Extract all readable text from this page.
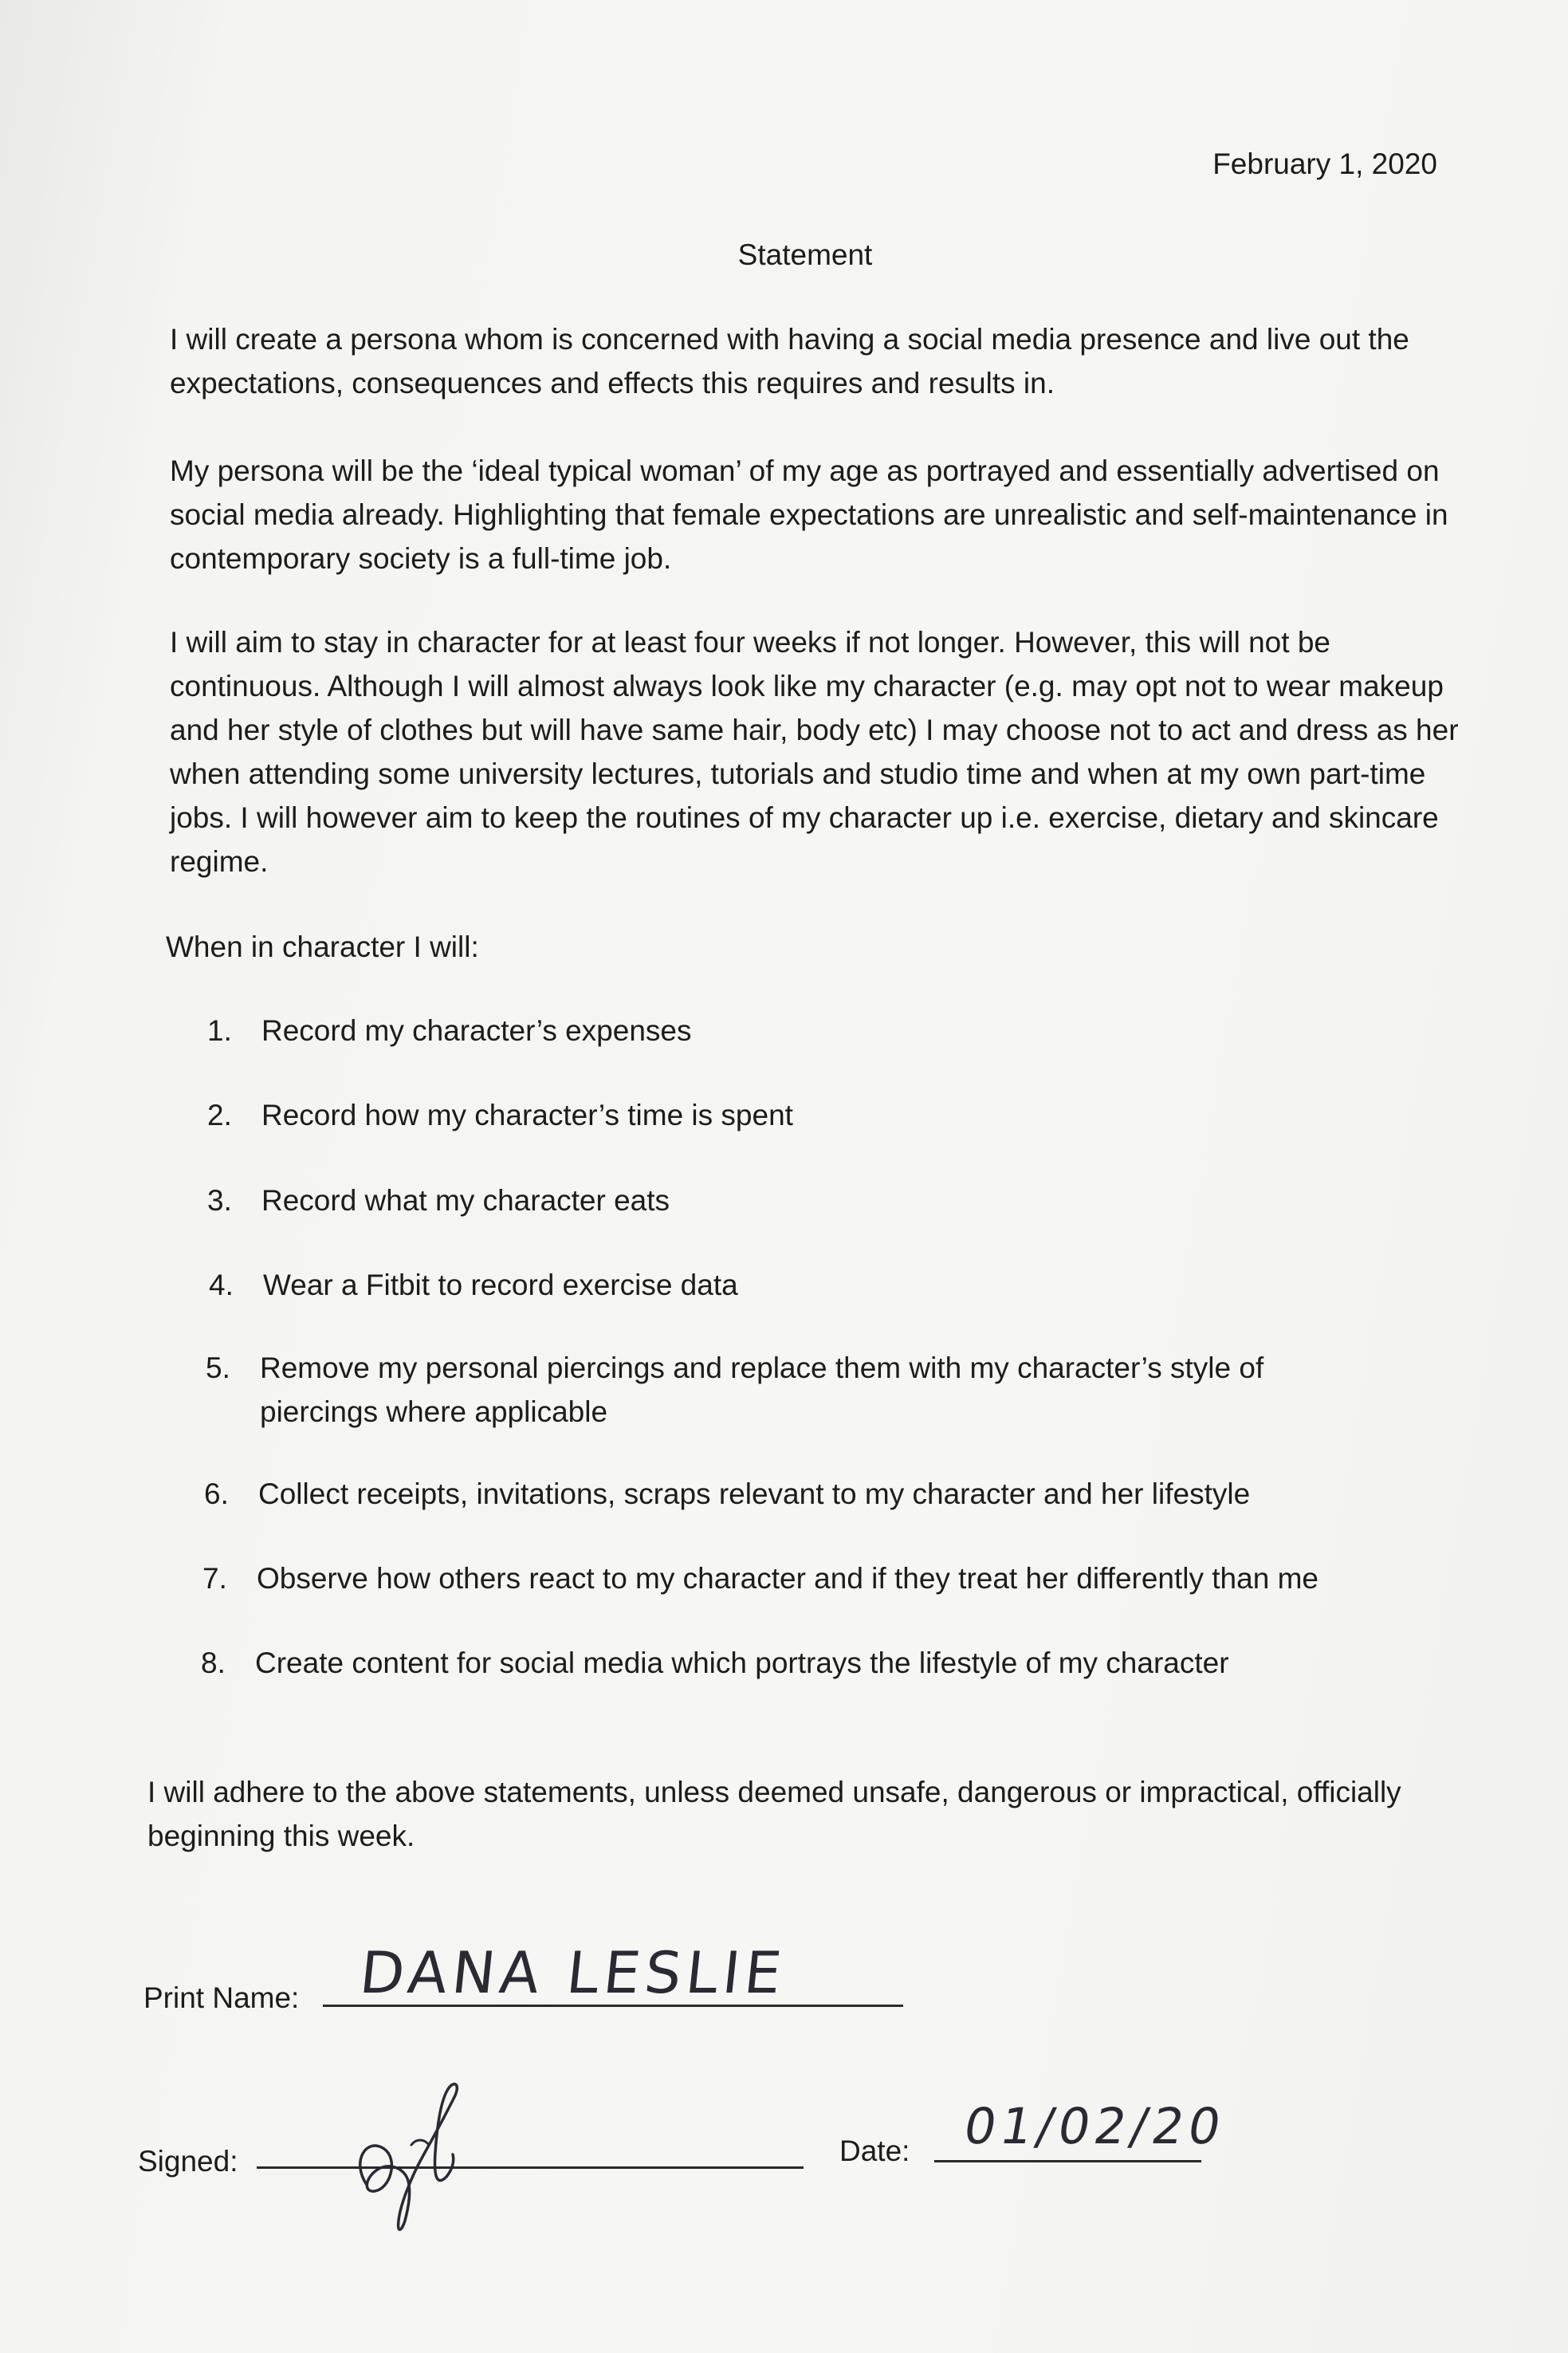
February 1, 2020

Statement

I will create a persona whom is concerned with having a social media presence and live out the expectations, consequences and effects this requires and results in.

My persona will be the ‘ideal typical woman’ of my age as portrayed and essentially advertised on social media already. Highlighting that female expectations are unrealistic and self-maintenance in contemporary society is a full-time job.

I will aim to stay in character for at least four weeks if not longer. However, this will not be continuous. Although I will almost always look like my character (e.g. may opt not to wear makeup and her style of clothes but will have same hair, body etc) I may choose not to act and dress as her when attending some university lectures, tutorials and studio time and when at my own part-time jobs. I will however aim to keep the routines of my character up i.e. exercise, dietary and skincare regime.

When in character I will:

1. Record my character’s expenses
2. Record how my character’s time is spent
3. Record what my character eats
4. Wear a Fitbit to record exercise data
5. Remove my personal piercings and replace them with my character’s style of piercings where applicable
6. Collect receipts, invitations, scraps relevant to my character and her lifestyle
7. Observe how others react to my character and if they treat her differently than me
8. Create content for social media which portrays the lifestyle of my character

I will adhere to the above statements, unless deemed unsafe, dangerous or impractical, officially beginning this week.

Print Name: DANA LESLIE
Signed:	Date: 01/02/20
